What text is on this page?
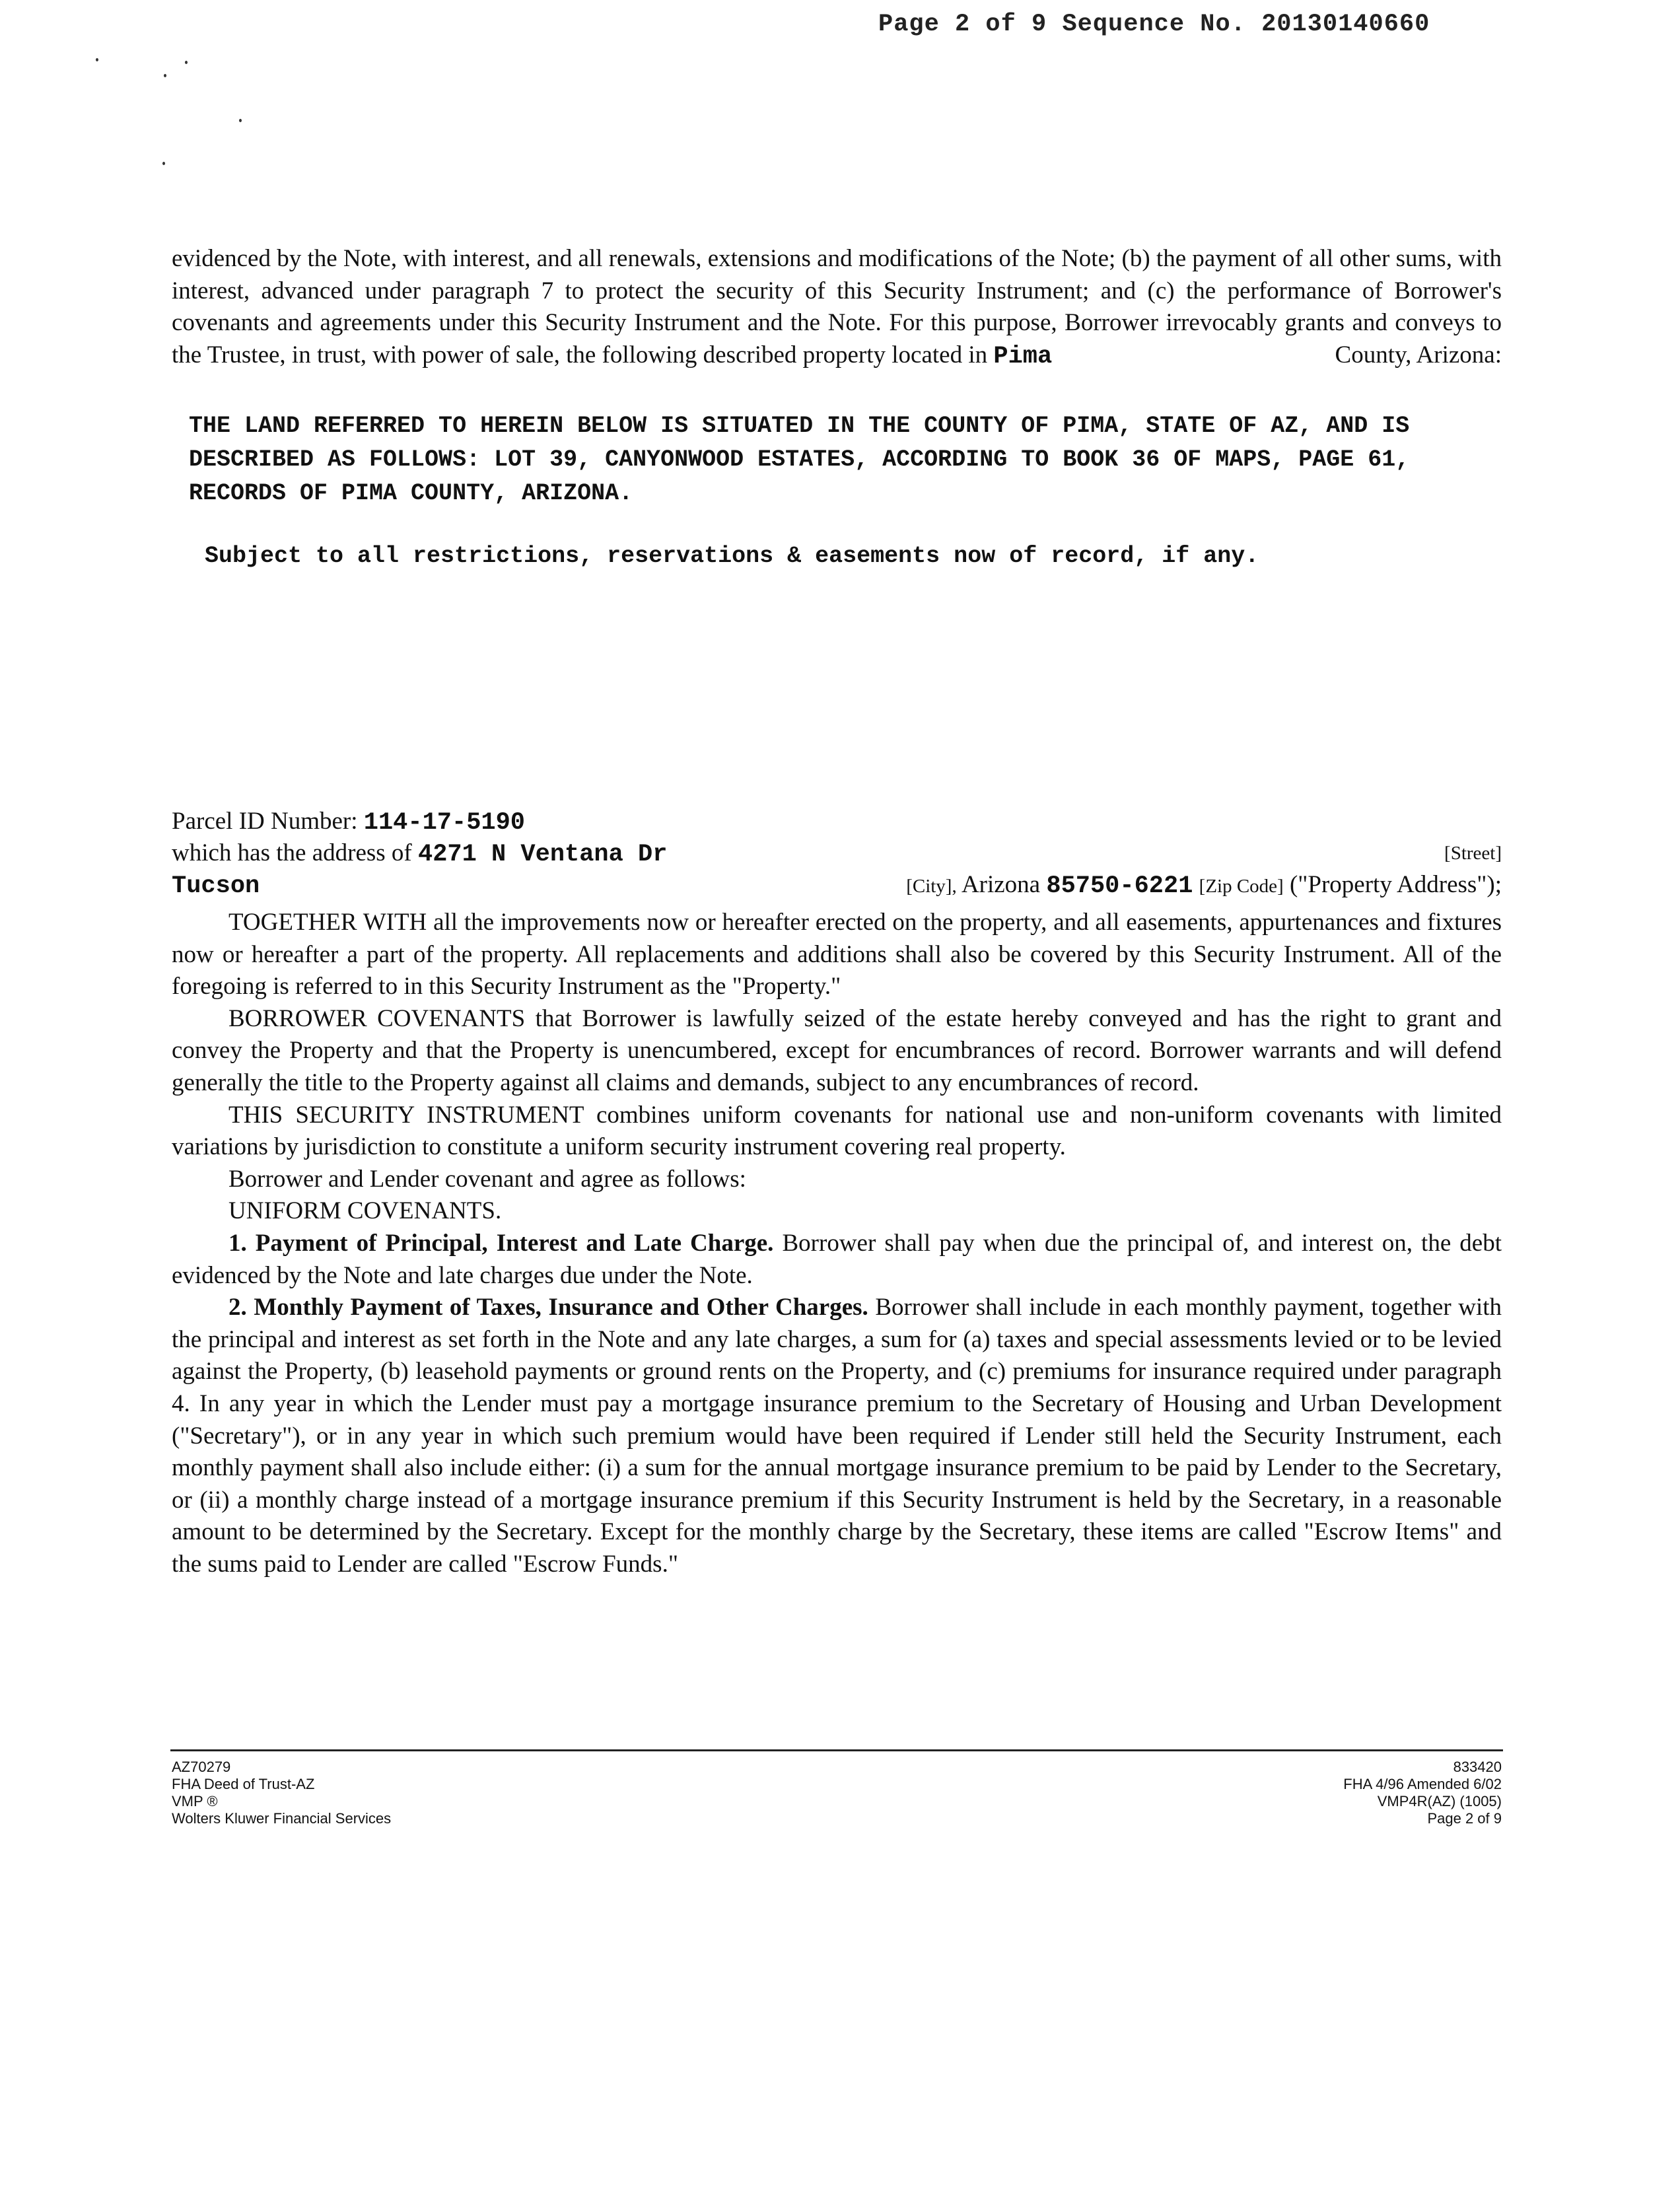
Page 2 of 9 Sequence No. 20130140660

evidenced by the Note, with interest, and all renewals, extensions and modifications of the Note; (b) the payment of all other sums, with interest, advanced under paragraph 7 to protect the security of this Security Instrument; and (c) the performance of Borrower's covenants and agreements under this Security Instrument and the Note. For this purpose, Borrower irrevocably grants and conveys to the Trustee, in trust, with power of sale, the following described property located in Pima	County, Arizona:

THE LAND REFERRED TO HEREIN BELOW IS SITUATED IN THE COUNTY OF PIMA, STATE OF AZ, AND IS DESCRIBED AS FOLLOWS: LOT 39, CANYONWOOD ESTATES, ACCORDING TO BOOK 36 OF MAPS, PAGE 61, RECORDS OF PIMA COUNTY, ARIZONA.

Subject to all restrictions, reservations & easements now of record, if any.

Parcel ID Number: 114-17-5190
which has the address of 4271 N Ventana Dr	[Street]
Tucson	[City], Arizona 85750-6221 [Zip Code] ("Property Address");

TOGETHER WITH all the improvements now or hereafter erected on the property, and all easements, appurtenances and fixtures now or hereafter a part of the property. All replacements and additions shall also be covered by this Security Instrument. All of the foregoing is referred to in this Security Instrument as the "Property."

BORROWER COVENANTS that Borrower is lawfully seized of the estate hereby conveyed and has the right to grant and convey the Property and that the Property is unencumbered, except for encumbrances of record. Borrower warrants and will defend generally the title to the Property against all claims and demands, subject to any encumbrances of record.

THIS SECURITY INSTRUMENT combines uniform covenants for national use and non-uniform covenants with limited variations by jurisdiction to constitute a uniform security instrument covering real property.

Borrower and Lender covenant and agree as follows:

UNIFORM COVENANTS.

1. Payment of Principal, Interest and Late Charge. Borrower shall pay when due the principal of, and interest on, the debt evidenced by the Note and late charges due under the Note.

2. Monthly Payment of Taxes, Insurance and Other Charges. Borrower shall include in each monthly payment, together with the principal and interest as set forth in the Note and any late charges, a sum for (a) taxes and special assessments levied or to be levied against the Property, (b) leasehold payments or ground rents on the Property, and (c) premiums for insurance required under paragraph 4. In any year in which the Lender must pay a mortgage insurance premium to the Secretary of Housing and Urban Development ("Secretary"), or in any year in which such premium would have been required if Lender still held the Security Instrument, each monthly payment shall also include either: (i) a sum for the annual mortgage insurance premium to be paid by Lender to the Secretary, or (ii) a monthly charge instead of a mortgage insurance premium if this Security Instrument is held by the Secretary, in a reasonable amount to be determined by the Secretary. Except for the monthly charge by the Secretary, these items are called "Escrow Items" and the sums paid to Lender are called "Escrow Funds."

AZ70279
FHA Deed of Trust-AZ
VMP ®
Wolters Kluwer Financial Services
833420
FHA 4/96 Amended 6/02
VMP4R(AZ) (1005)
Page 2 of 9
